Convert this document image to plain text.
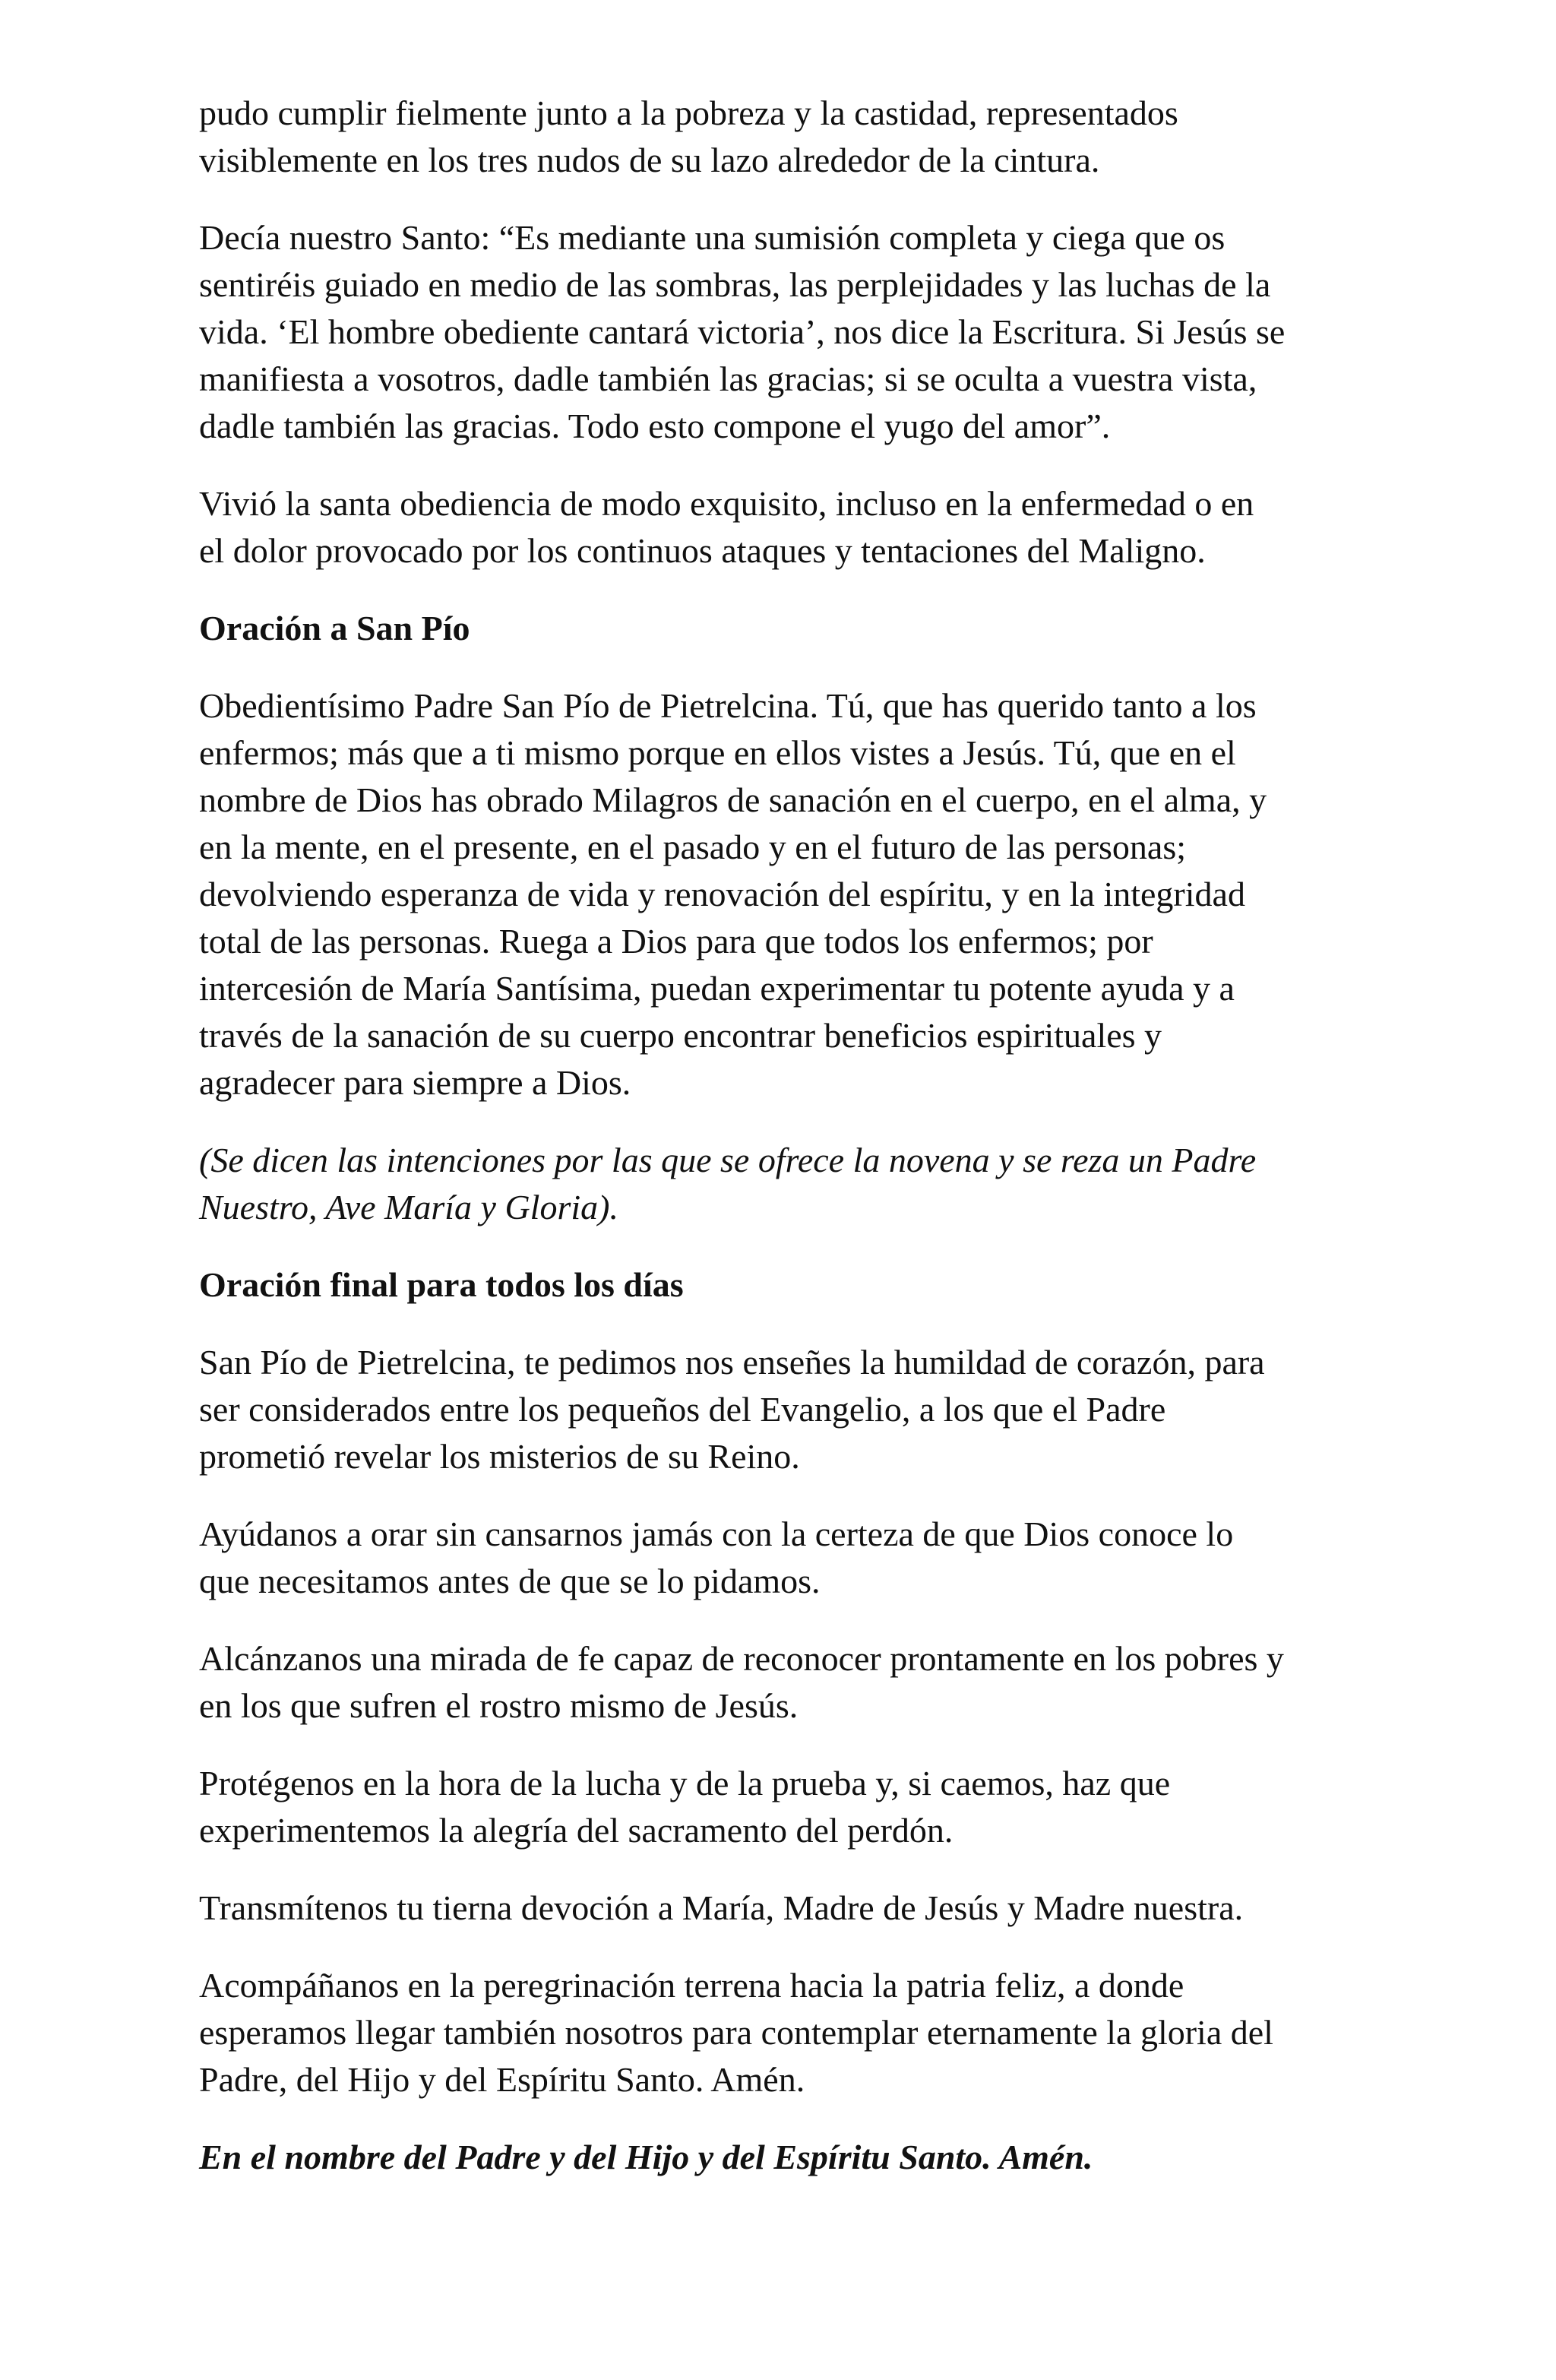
pudo cumplir fielmente junto a la pobreza y la castidad, representados
visiblemente en los tres nudos de su lazo alrededor de la cintura.

Decía nuestro Santo: “Es mediante una sumisión completa y ciega que os
sentiréis guiado en medio de las sombras, las perplejidades y las luchas de la
vida. ‘El hombre obediente cantará victoria’, nos dice la Escritura. Si Jesús se
manifiesta a vosotros, dadle también las gracias; si se oculta a vuestra vista,
dadle también las gracias. Todo esto compone el yugo del amor”.

Vivió la santa obediencia de modo exquisito, incluso en la enfermedad o en
el dolor provocado por los continuos ataques y tentaciones del Maligno.

Oración a San Pío

Obedientísimo Padre San Pío de Pietrelcina. Tú, que has querido tanto a los
enfermos; más que a ti mismo porque en ellos vistes a Jesús. Tú, que en el
nombre de Dios has obrado Milagros de sanación en el cuerpo, en el alma, y
en la mente, en el presente, en el pasado y en el futuro de las personas;
devolviendo esperanza de vida y renovación del espíritu, y en la integridad
total de las personas. Ruega a Dios para que todos los enfermos; por
intercesión de María Santísima, puedan experimentar tu potente ayuda y a
través de la sanación de su cuerpo encontrar beneficios espirituales y
agradecer para siempre a Dios.

(Se dicen las intenciones por las que se ofrece la novena y se reza un Padre
Nuestro, Ave María y Gloria).

Oración final para todos los días

San Pío de Pietrelcina, te pedimos nos enseñes la humildad de corazón, para
ser considerados entre los pequeños del Evangelio, a los que el Padre
prometió revelar los misterios de su Reino.

Ayúdanos a orar sin cansarnos jamás con la certeza de que Dios conoce lo
que necesitamos antes de que se lo pidamos.

Alcánzanos una mirada de fe capaz de reconocer prontamente en los pobres y
en los que sufren el rostro mismo de Jesús.

Protégenos en la hora de la lucha y de la prueba y, si caemos, haz que
experimentemos la alegría del sacramento del perdón.

Transmítenos tu tierna devoción a María, Madre de Jesús y Madre nuestra.

Acompáñanos en la peregrinación terrena hacia la patria feliz, a donde
esperamos llegar también nosotros para contemplar eternamente la gloria del
Padre, del Hijo y del Espíritu Santo. Amén.

En el nombre del Padre y del Hijo y del Espíritu Santo. Amén.
